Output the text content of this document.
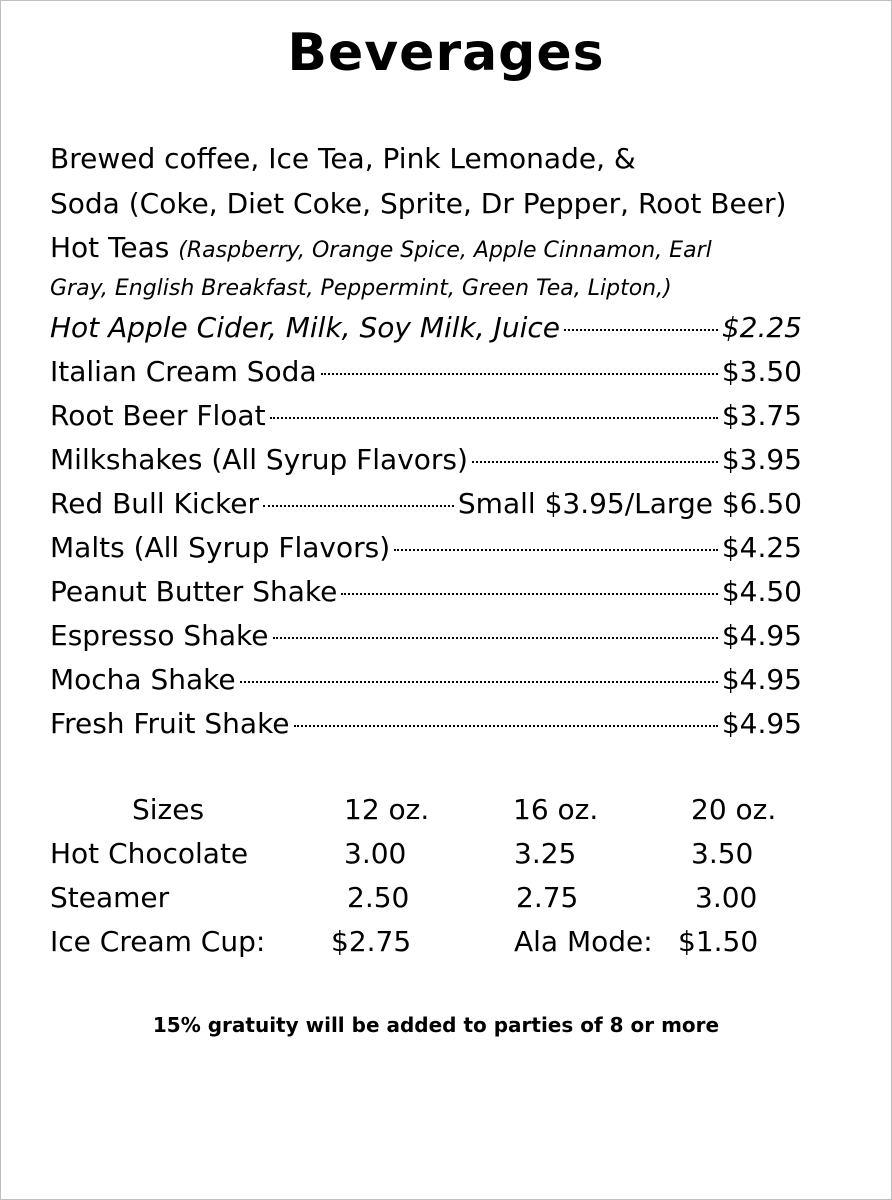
Beverages
Brewed coffee, Ice Tea, Pink Lemonade, &
Soda (Coke, Diet Coke, Sprite, Dr Pepper, Root Beer)
Hot Teas (Raspberry, Orange Spice, Apple Cinnamon, Earl
Gray, English Breakfast, Peppermint, Green Tea, Lipton,)
Hot Apple Cider, Milk, Soy Milk, Juice	$2.25
Italian Cream Soda	$3.50
Root Beer Float	$3.75
Milkshakes (All Syrup Flavors)	$3.95
Red Bull Kicker	Small $3.95/Large $6.50
Malts (All Syrup Flavors)	$4.25
Peanut Butter Shake	$4.50
Espresso Shake	$4.95
Mocha Shake	$4.95
Fresh Fruit Shake	$4.95
Sizes	12 oz.	16 oz.	20 oz.
Hot Chocolate	3.00	3.25	3.50
Steamer	2.50	2.75	3.00
Ice Cream Cup: $2.75	Ala Mode: $1.50
15% gratuity will be added to parties of 8 or more
